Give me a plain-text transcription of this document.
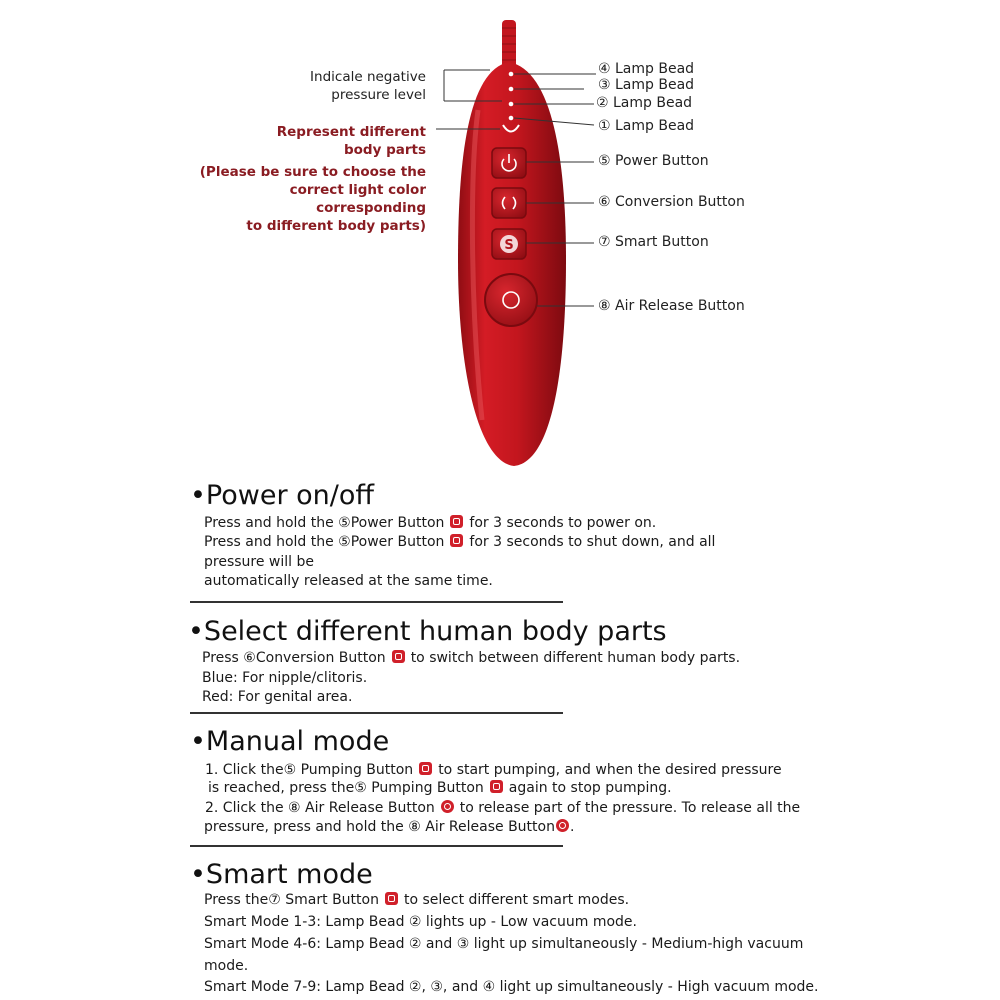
S
Indicale negative
pressure level
Represent different
body parts
(Please be sure to choose the
correct light color corresponding
to different body parts)
④ Lamp Bead
③ Lamp Bead
② Lamp Bead
① Lamp Bead
⑤ Power Button
⑥ Conversion Button
⑦ Smart Button
⑧ Air Release Button
•Power on/off
Press and hold the ⑤Power Button for 3 seconds to power on.
Press and hold the ⑤Power Button for 3 seconds to shut down, and all
pressure will be
automatically released at the same time.
•Select different human body parts
Press ⑥Conversion Button to switch between different human body parts.
Blue: For nipple/clitoris.
Red: For genital area.
•Manual mode
1. Click the⑤ Pumping Button to start pumping, and when the desired pressure
is reached, press the⑤ Pumping Button again to stop pumping.
2. Click the ⑧ Air Release Button to release part of the pressure. To release all the
pressure, press and hold the ⑧ Air Release Button .
•Smart mode
Press the⑦ Smart Button to select different smart modes.
Smart Mode 1-3: Lamp Bead ② lights up - Low vacuum mode.
Smart Mode 4-6: Lamp Bead ② and ③ light up simultaneously - Medium-high vacuum
mode.
Smart Mode 7-9: Lamp Bead ②, ③, and ④ light up simultaneously - High vacuum mode.
